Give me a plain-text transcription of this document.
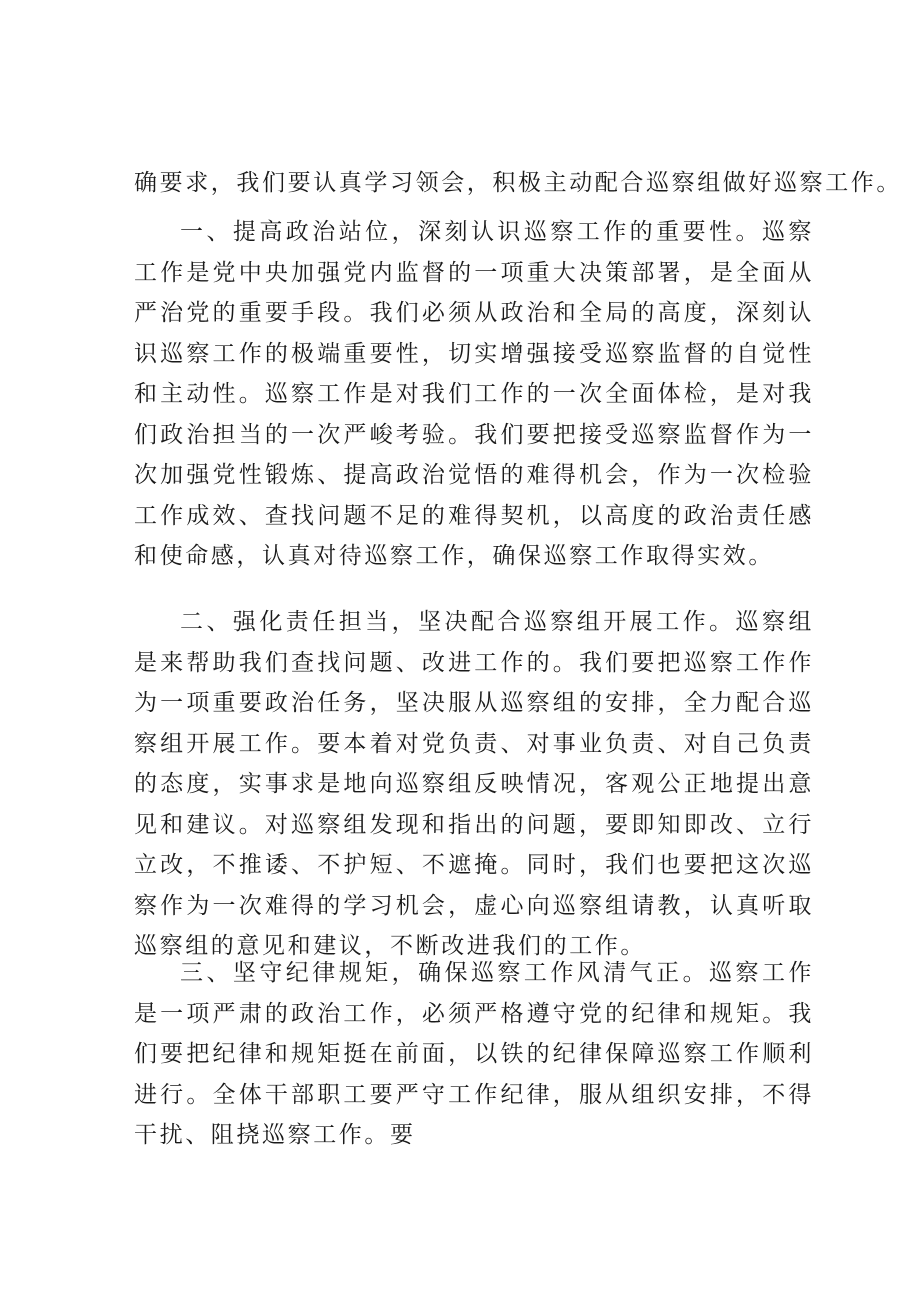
确要求，我们要认真学习领会，积极主动配合巡察组做好巡察工作。

一、提高政治站位，深刻认识巡察工作的重要性。巡察工作是党中央加强党内监督的一项重大决策部署，是全面从严治党的重要手段。我们必须从政治和全局的高度，深刻认识巡察工作的极端重要性，切实增强接受巡察监督的自觉性和主动性。巡察工作是对我们工作的一次全面体检，是对我们政治担当的一次严峻考验。我们要把接受巡察监督作为一次加强党性锻炼、提高政治觉悟的难得机会，作为一次检验工作成效、查找问题不足的难得契机，以高度的政治责任感和使命感，认真对待巡察工作，确保巡察工作取得实效。

二、强化责任担当，坚决配合巡察组开展工作。巡察组是来帮助我们查找问题、改进工作的。我们要把巡察工作作为一项重要政治任务，坚决服从巡察组的安排，全力配合巡察组开展工作。要本着对党负责、对事业负责、对自己负责的态度，实事求是地向巡察组反映情况，客观公正地提出意见和建议。对巡察组发现和指出的问题，要即知即改、立行立改，不推诿、不护短、不遮掩。同时，我们也要把这次巡察作为一次难得的学习机会，虚心向巡察组请教，认真听取巡察组的意见和建议，不断改进我们的工作。

三、坚守纪律规矩，确保巡察工作风清气正。巡察工作是一项严肃的政治工作，必须严格遵守党的纪律和规矩。我们要把纪律和规矩挺在前面，以铁的纪律保障巡察工作顺利进行。全体干部职工要严守工作纪律，服从组织安排，不得干扰、阻挠巡察工作。要
